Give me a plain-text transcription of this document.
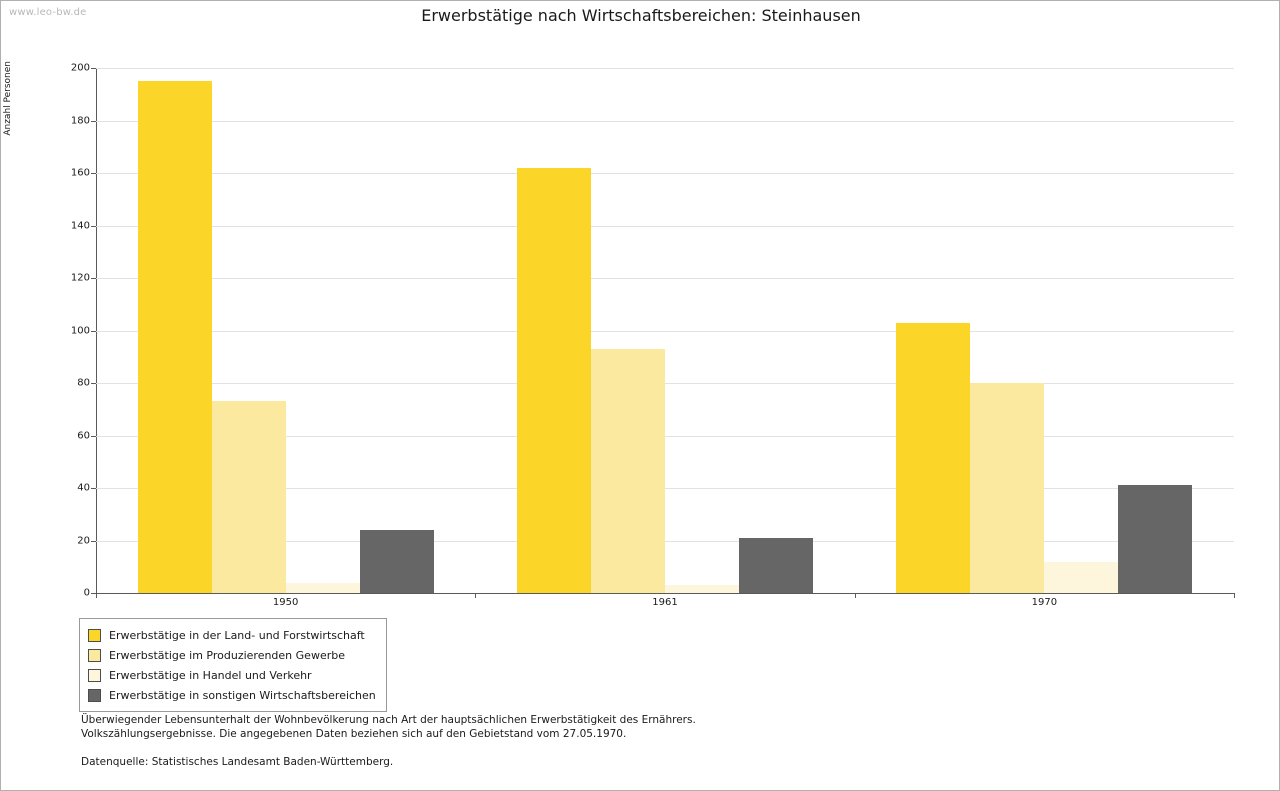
www.leo-bw.de	Erwerbstätige nach Wirtschaftsbereichen: Steinhausen
Anzahl Personen
0
20
40
60
80
100
120
140
160
180
200
1950	1961	1970
Erwerbstätige in der Land- und Forstwirtschaft
Erwerbstätige im Produzierenden Gewerbe
Erwerbstätige in Handel und Verkehr
Erwerbstätige in sonstigen Wirtschaftsbereichen
Überwiegender Lebensunterhalt der Wohnbevölkerung nach Art der hauptsächlichen Erwerbstätigkeit des Ernährers.
Volkszählungsergebnisse. Die angegebenen Daten beziehen sich auf den Gebietstand vom 27.05.1970.
Datenquelle: Statistisches Landesamt Baden-Württemberg.
